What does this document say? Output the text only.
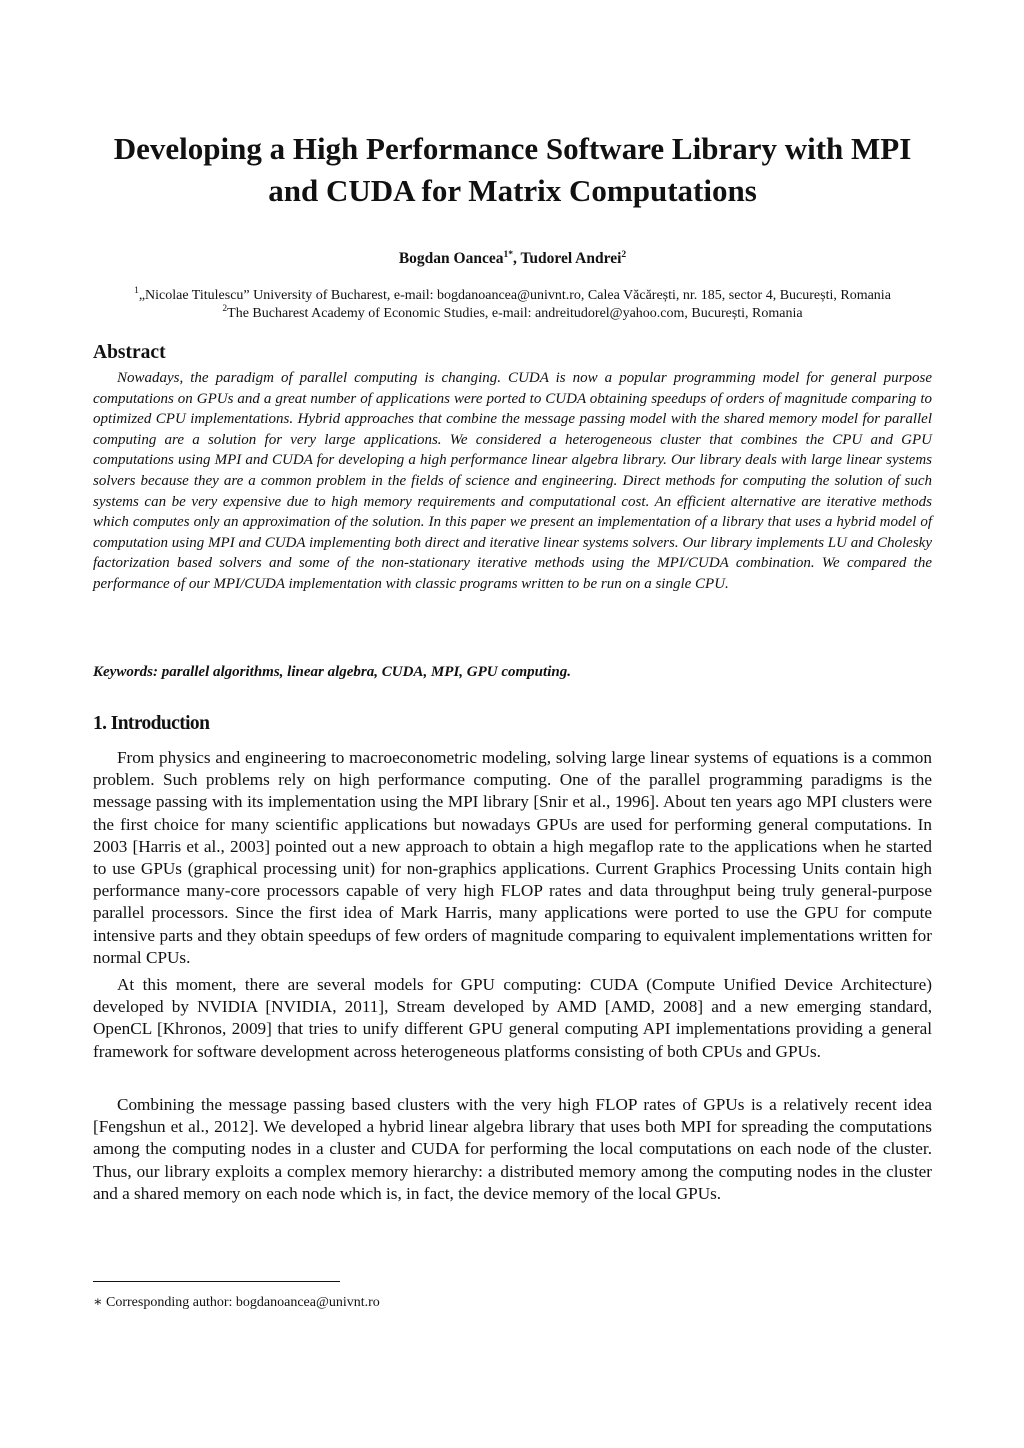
Developing a High Performance Software Library with MPI
and CUDA for Matrix Computations
Bogdan Oancea$^{1*}$, Tudorel Andrei$^2$
$^1$„Nicolae Titulescu” University of Bucharest, e-mail: bogdanoancea@univnt.ro, Calea Văcărești, nr. 185, sector 4, București, Romania
$^2$The Bucharest Academy of Economic Studies, e-mail: andreitudorel@yahoo.com, București, Romania
Abstract

Nowadays, the paradigm of parallel computing is changing. CUDA is now a popular programming model for general purpose computations on GPUs and a great number of applications were ported to CUDA obtaining speedups of orders of magnitude comparing to optimized CPU implementations. Hybrid approaches that combine the message passing model with the shared memory model for parallel computing are a solution for very large applications. We considered a heterogeneous cluster that combines the CPU and GPU computations using MPI and CUDA for developing a high performance linear algebra library. Our library deals with large linear systems solvers because they are a common problem in the fields of science and engineering. Direct methods for computing the solution of such systems can be very expensive due to high memory requirements and computational cost. An efficient alternative are iterative methods which computes only an approximation of the solution. In this paper we present an implementation of a library that uses a hybrid model of computation using MPI and CUDA implementing both direct and iterative linear systems solvers. Our library implements LU and Cholesky factorization based solvers and some of the non-stationary iterative methods using the MPI/CUDA combination. We compared the performance of our MPI/CUDA implementation with classic programs written to be run on a single CPU.

Keywords: parallel algorithms, linear algebra, CUDA, MPI, GPU computing.

1. Introduction

From physics and engineering to macroeconometric modeling, solving large linear systems of equations is a common problem. Such problems rely on high performance computing. One of the parallel programming paradigms is the message passing with its implementation using the MPI library [Snir et al., 1996]. About ten years ago MPI clusters were the first choice for many scientific applications but nowadays GPUs are used for performing general computations. In 2003 [Harris et al., 2003] pointed out a new approach to obtain a high megaflop rate to the applications when he started to use GPUs (graphical processing unit) for non-graphics applications. Current Graphics Processing Units contain high performance many-core processors capable of very high FLOP rates and data throughput being truly general-purpose parallel processors. Since the first idea of Mark Harris, many applications were ported to use the GPU for compute intensive parts and they obtain speedups of few orders of magnitude comparing to equivalent implementations written for normal CPUs.

At this moment, there are several models for GPU computing: CUDA (Compute Unified Device Architecture) developed by NVIDIA [NVIDIA, 2011], Stream developed by AMD [AMD, 2008] and a new emerging standard, OpenCL [Khronos, 2009] that tries to unify different GPU general computing API implementations providing a general framework for software development across heterogeneous platforms consisting of both CPUs and GPUs.

Combining the message passing based clusters with the very high FLOP rates of GPUs is a relatively recent idea [Fengshun et al., 2012]. We developed a hybrid linear algebra library that uses both MPI for spreading the computations among the computing nodes in a cluster and CUDA for performing the local computations on each node of the cluster. Thus, our library exploits a complex memory hierarchy: a distributed memory among the computing nodes in the cluster and a shared memory on each node which is, in fact, the device memory of the local GPUs.

∗ Corresponding author: bogdanoancea@univnt.ro
